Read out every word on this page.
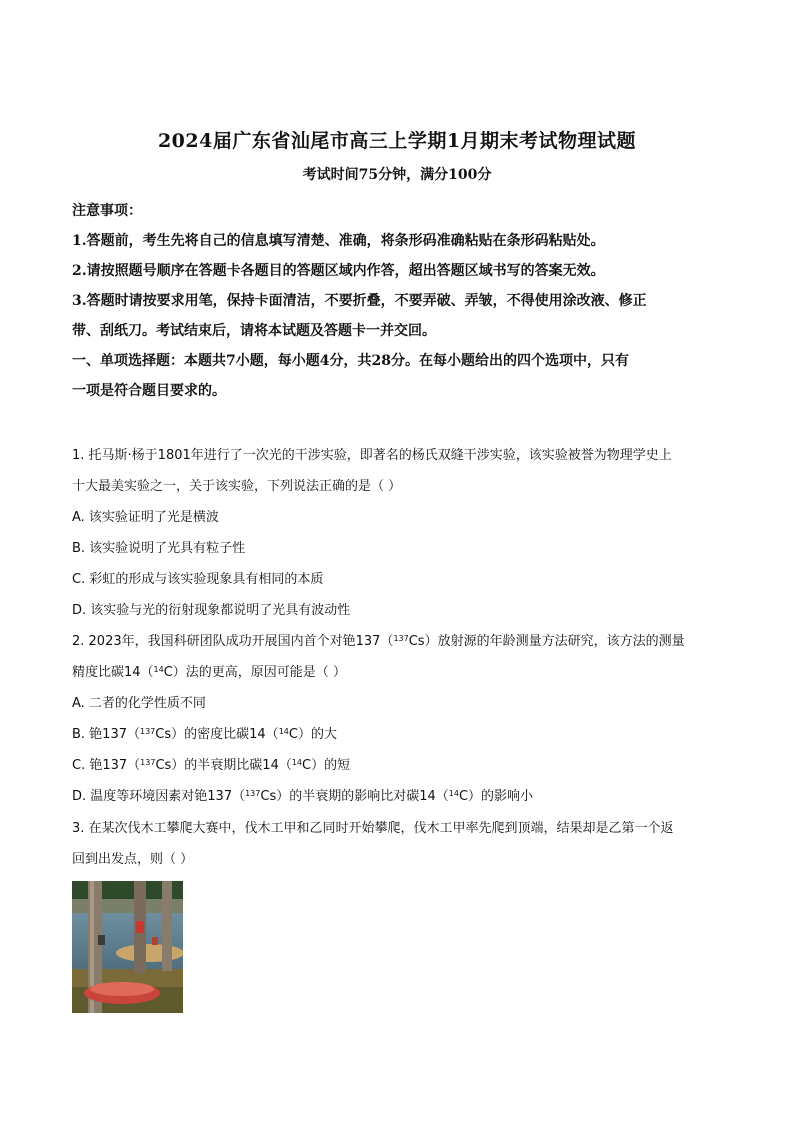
2024届广东省汕尾市高三上学期1月期末考试物理试题
考试时间75分钟，满分100分
注意事项：
1.答题前，考生先将自己的信息填写清楚、准确，将条形码准确粘贴在条形码粘贴处。
2.请按照题号顺序在答题卡各题目的答题区域内作答，超出答题区域书写的答案无效。
3.答题时请按要求用笔，保持卡面清洁，不要折叠，不要弄破、弄皱，不得使用涂改液、修正
带、刮纸刀。考试结束后，请将本试题及答题卡一并交回。
一、单项选择题：本题共7小题，每小题4分，共28分。在每小题给出的四个选项中，只有
一项是符合题目要求的。
1. 托马斯·杨于1801年进行了一次光的干涉实验，即著名的杨氏双缝干涉实验，该实验被誉为物理学史上
十大最美实验之一，关于该实验，下列说法正确的是（ ）
A. 该实验证明了光是横波
B. 该实验说明了光具有粒子性
C. 彩虹的形成与该实验现象具有相同的本质
D. 该实验与光的衍射现象都说明了光具有波动性
2. 2023年，我国科研团队成功开展国内首个对铯137（$^{137}$Cs）放射源的年龄测量方法研究，该方法的测量
精度比碳14（$^{14}$C）法的更高，原因可能是（ ）
A. 二者的化学性质不同
B. 铯137（$^{137}$Cs）的密度比碳14（$^{14}$C）的大
C. 铯137（$^{137}$Cs）的半衰期比碳14（$^{14}$C）的短
D. 温度等环境因素对铯137（$^{137}$Cs）的半衰期的影响比对碳14（$^{14}$C）的影响小
3. 在某次伐木工攀爬大赛中，伐木工甲和乙同时开始攀爬，伐木工甲率先爬到顶端，结果却是乙第一个返
回到出发点，则（ ）
